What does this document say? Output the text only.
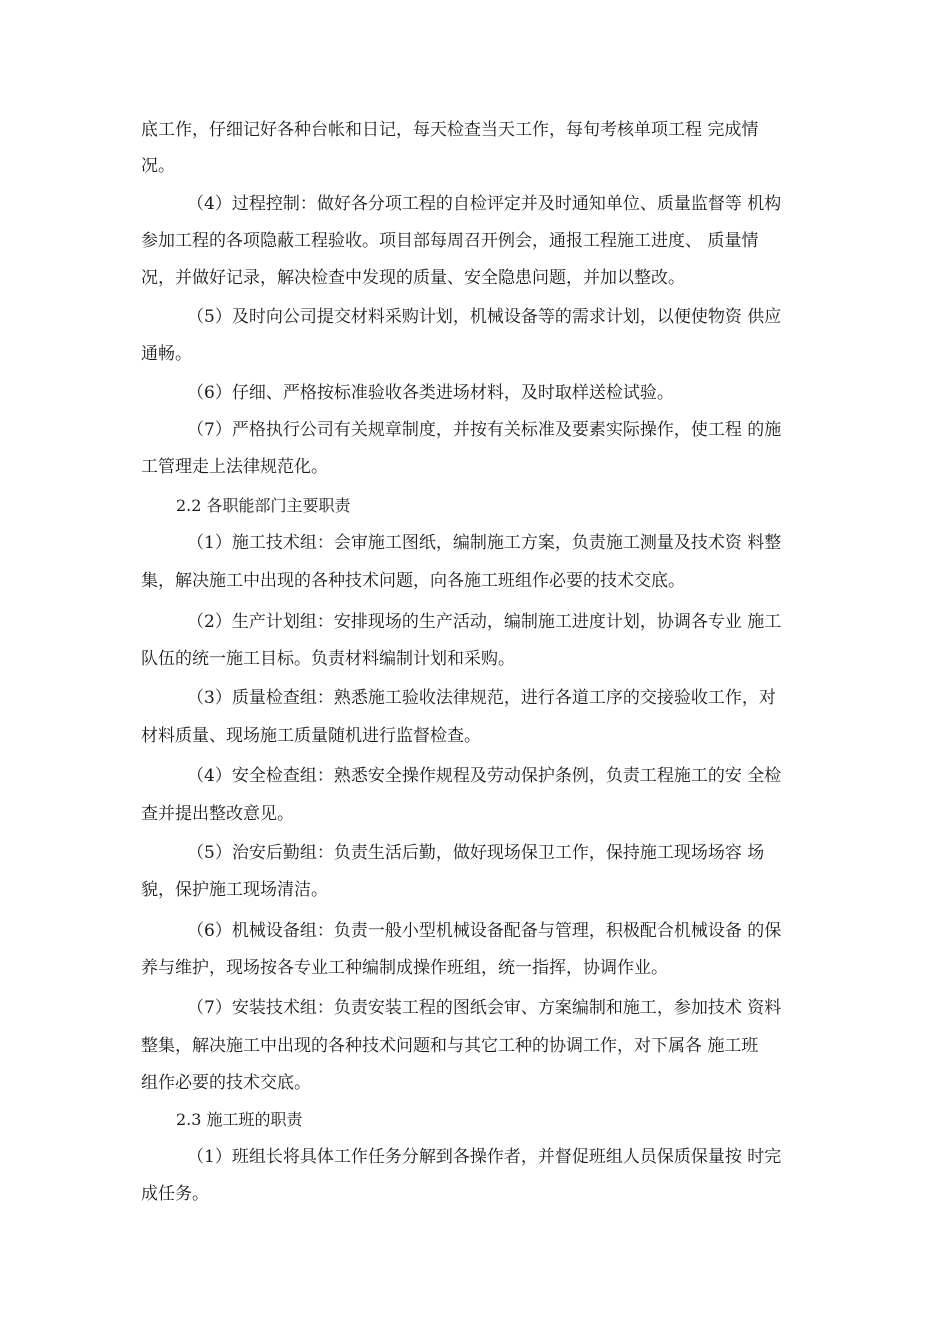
底工作，仔细记好各种台帐和日记，每天检查当天工作，每旬考核单项工程 完成情
况。
（4）过程控制：做好各分项工程的自检评定并及时通知单位、质量监督等 机构
参加工程的各项隐蔽工程验收。项目部每周召开例会，通报工程施工进度、 质量情
况，并做好记录，解决检查中发现的质量、安全隐患问题，并加以整改。
（5）及时向公司提交材料采购计划，机械设备等的需求计划，以便使物资 供应
通畅。
（6）仔细、严格按标准验收各类进场材料，及时取样送检试验。
（7）严格执行公司有关规章制度，并按有关标准及要素实际操作，使工程 的施
工管理走上法律规范化。
2.2 各职能部门主要职责
（1）施工技术组：会审施工图纸，编制施工方案，负责施工测量及技术资 料整
集，解决施工中出现的各种技术问题，向各施工班组作必要的技术交底。
（2）生产计划组：安排现场的生产活动，编制施工进度计划，协调各专业 施工
队伍的统一施工目标。负责材料编制计划和采购。
（3）质量检查组：熟悉施工验收法律规范，进行各道工序的交接验收工作，对
材料质量、现场施工质量随机进行监督检查。
（4）安全检查组：熟悉安全操作规程及劳动保护条例，负责工程施工的安 全检
查并提出整改意见。
（5）治安后勤组：负责生活后勤，做好现场保卫工作，保持施工现场场容 场
貌，保护施工现场清洁。
（6）机械设备组：负责一般小型机械设备配备与管理，积极配合机械设备 的保
养与维护，现场按各专业工种编制成操作班组，统一指挥，协调作业。
（7）安装技术组：负责安装工程的图纸会审、方案编制和施工，参加技术 资料
整集，解决施工中出现的各种技术问题和与其它工种的协调工作，对下属各 施工班
组作必要的技术交底。
2.3 施工班的职责
（1）班组长将具体工作任务分解到各操作者，并督促班组人员保质保量按 时完
成任务。
